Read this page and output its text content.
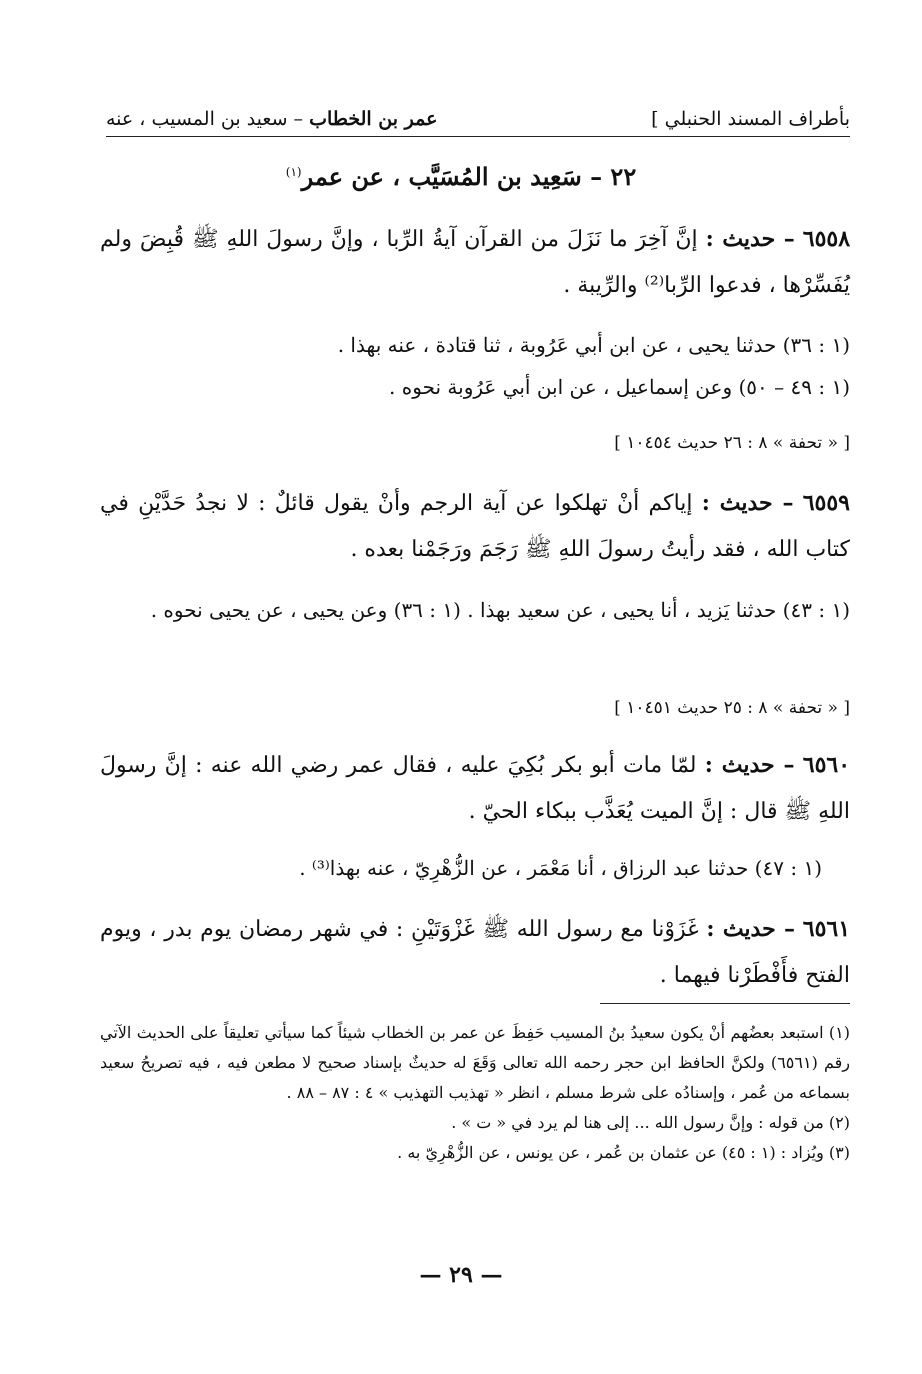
بأطراف المسند الحنبلي ]
عمر بن الخطاب – سعيد بن المسيب ، عنه
٢٢ – سَعِيد بن المُسَيَّب ، عن عمر$^{(١)}$
٦٥٥٨ – حديث : إنَّ آخِرَ ما نَزَلَ من القرآن آيةُ الرِّبا ، وإنَّ رسولَ اللهِ ﷺ قُبِضَ ولم يُفَسِّرْها ، فدعوا الرِّبا⁽²⁾ والرِّيبة .
(١ : ٣٦) حدثنا يحيى ، عن ابن أبي عَرُوبة ، ثنا قتادة ، عنه بهذا .
(١ : ٤٩ – ٥٠) وعن إسماعيل ، عن ابن أبي عَرُوبة نحوه .
[ « تحفة » ٨ : ٢٦ حديث ١٠٤٥٤ ]
٦٥٥٩ – حديث : إياكم أنْ تهلكوا عن آية الرجم وأنْ يقول قائلٌ : لا نجدُ حَدَّيْنِ في كتاب الله ، فقد رأيتُ رسولَ اللهِ ﷺ رَجَمَ ورَجَمْنا بعده .
(١ : ٤٣) حدثنا يَزيد ، أنا يحيى ، عن سعيد بهذا . (١ : ٣٦) وعن يحيى ، عن يحيى نحوه .
[ « تحفة » ٨ : ٢٥ حديث ١٠٤٥١ ]
٦٥٦٠ – حديث : لمّا مات أبو بكر بُكِيَ عليه ، فقال عمر رضي الله عنه : إنَّ رسولَ اللهِ ﷺ قال : إنَّ الميت يُعَذَّب ببكاء الحيّ .
(١ : ٤٧) حدثنا عبد الرزاق ، أنا مَعْمَر ، عن الزُّهْرِيّ ، عنه بهذا⁽³⁾ .
٦٥٦١ – حديث : غَزَوْنا مع رسول الله ﷺ غَزْوَتَيْنِ : في شهر رمضان يوم بدر ، ويوم الفتح فأَفْطَرْنا فيهما .

(١) استبعد بعضُهم أنْ يكون سعيدُ بنُ المسيب حَفِظَ عن عمر بن الخطاب شيئاً كما سيأتي تعليقاً على الحديث الآتي رقم (٦٥٦١) ولكنَّ الحافظ ابن حجر رحمه الله تعالى وَقَعَ له حديثٌ بإسناد صحيح لا مطعن فيه ، فيه تصريحُ سعيد بسماعه من عُمر ، وإسنادُه على شرط مسلم ، انظر « تهذيب التهذيب » ٤ : ٨٧ – ٨٨ .

(٢) من قوله : وإنَّ رسول الله ... إلى هنا لم يرد في « ت » .

(٣) ويُزاد : (١ : ٤٥) عن عثمان بن عُمر ، عن يونس ، عن الزُّهْرِيّ به .

— ٢٩ —
